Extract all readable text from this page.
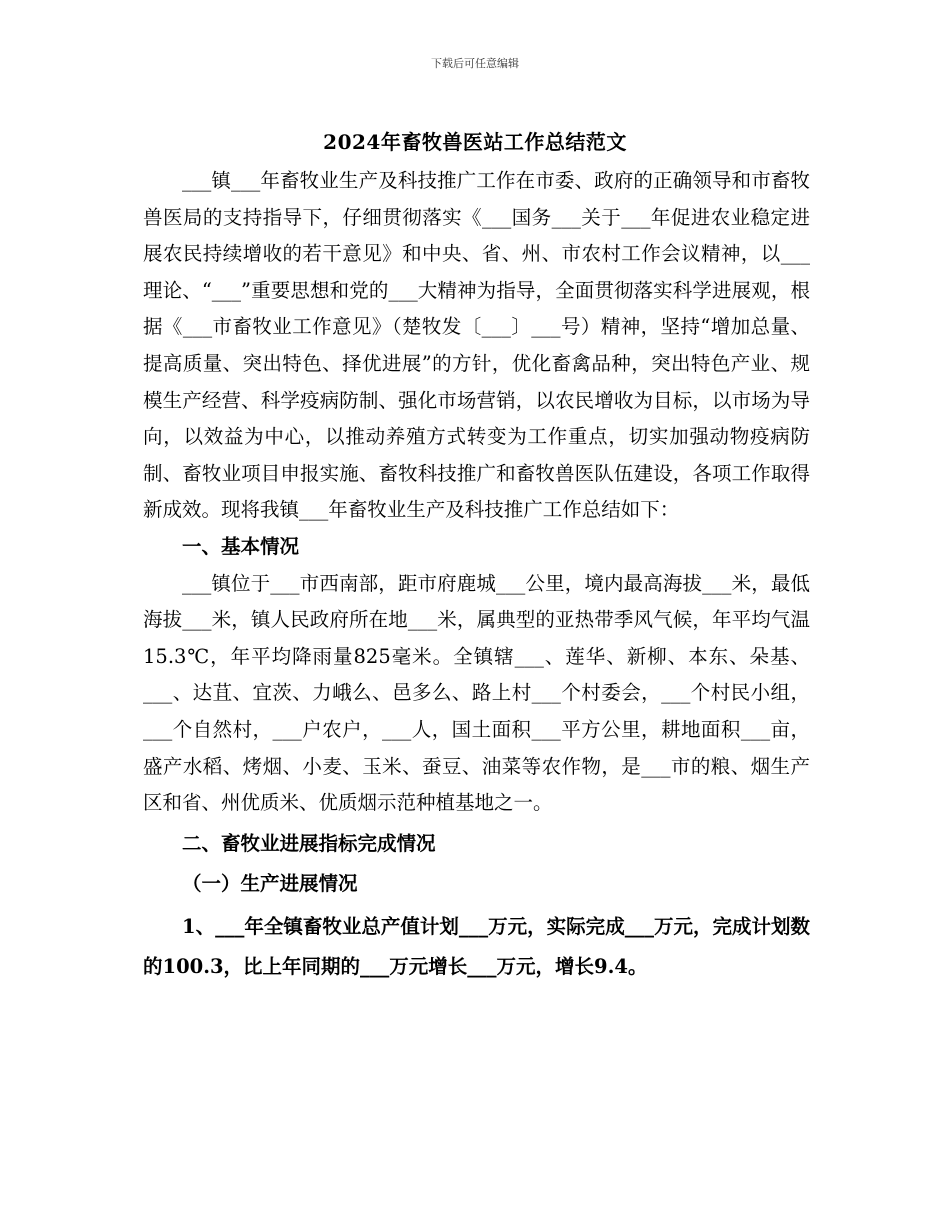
下载后可任意编辑
2024年畜牧兽医站工作总结范文

___镇___年畜牧业生产及科技推广工作在市委、政府的正确领导和市畜牧兽医局的支持指导下，仔细贯彻落实《___国务___关于___年促进农业稳定进展农民持续增收的若干意见》和中央、省、州、市农村工作会议精神，以___理论、“___”重要思想和党的___大精神为指导，全面贯彻落实科学进展观，根据《___市畜牧业工作意见》（楚牧发〔___〕___号）精神，坚持“增加总量、提高质量、突出特色、择优进展”的方针，优化畜禽品种，突出特色产业、规模生产经营、科学疫病防制、强化市场营销，以农民增收为目标，以市场为导向，以效益为中心，以推动养殖方式转变为工作重点，切实加强动物疫病防制、畜牧业项目申报实施、畜牧科技推广和畜牧兽医队伍建设，各项工作取得新成效。现将我镇___年畜牧业生产及科技推广工作总结如下：

一、基本情况

___镇位于___市西南部，距市府鹿城___公里，境内最高海拔___米，最低海拔___米，镇人民政府所在地___米，属典型的亚热带季风气候，年平均气温15.3℃，年平均降雨量825毫米。全镇辖___、莲华、新柳、本东、朵基、___、达苴、宜茨、力峨么、邑多么、路上村___个村委会，___个村民小组，___个自然村，___户农户，___人，国土面积___平方公里，耕地面积___亩，盛产水稻、烤烟、小麦、玉米、蚕豆、油菜等农作物，是___市的粮、烟生产区和省、州优质米、优质烟示范种植基地之一。

二、畜牧业进展指标完成情况

（一）生产进展情况

1、___年全镇畜牧业总产值计划___万元，实际完成___万元，完成计划数的100.3，比上年同期的___万元增长___万元，增长9.4。
